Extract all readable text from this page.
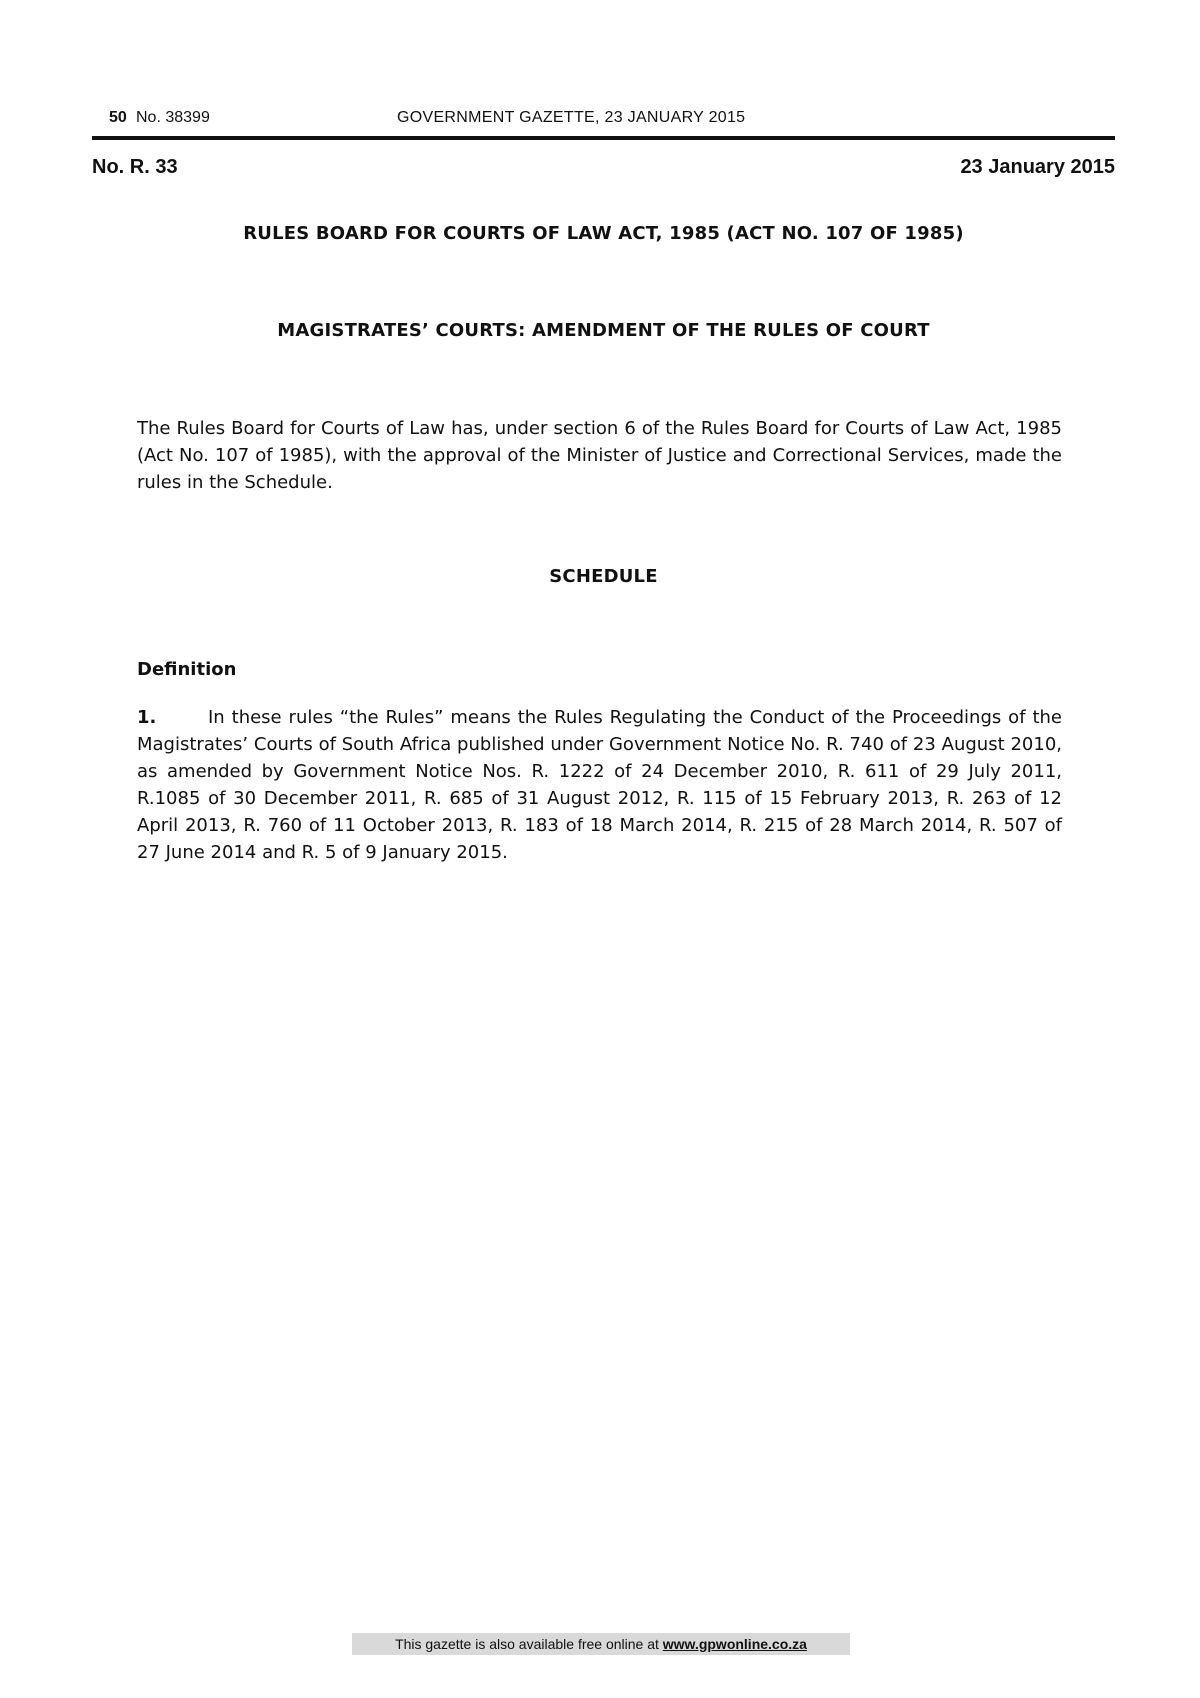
50 No. 38399	GOVERNMENT GAZETTE, 23 JANUARY 2015
No. R. 33	23 January 2015
RULES BOARD FOR COURTS OF LAW ACT, 1985 (ACT NO. 107 OF 1985)
MAGISTRATES’ COURTS: AMENDMENT OF THE RULES OF COURT

The Rules Board for Courts of Law has, under section 6 of the Rules Board for Courts of Law Act, 1985 (Act No. 107 of 1985), with the approval of the Minister of Justice and Correctional Services, made the rules in the Schedule.

SCHEDULE
Definition

1.	In these rules “the Rules” means the Rules Regulating the Conduct of the Proceedings of the Magistrates’ Courts of South Africa published under Government Notice No. R. 740 of 23 August 2010, as amended by Government Notice Nos. R. 1222 of 24 December 2010, R. 611 of 29 July 2011, R.1085 of 30 December 2011, R. 685 of 31 August 2012, R. 115 of 15 February 2013, R. 263 of 12 April 2013, R. 760 of 11 October 2013, R. 183 of 18 March 2014, R. 215 of 28 March 2014, R. 507 of 27 June 2014 and R. 5 of 9 January 2015.

This gazette is also available free online at www.gpwonline.co.za
